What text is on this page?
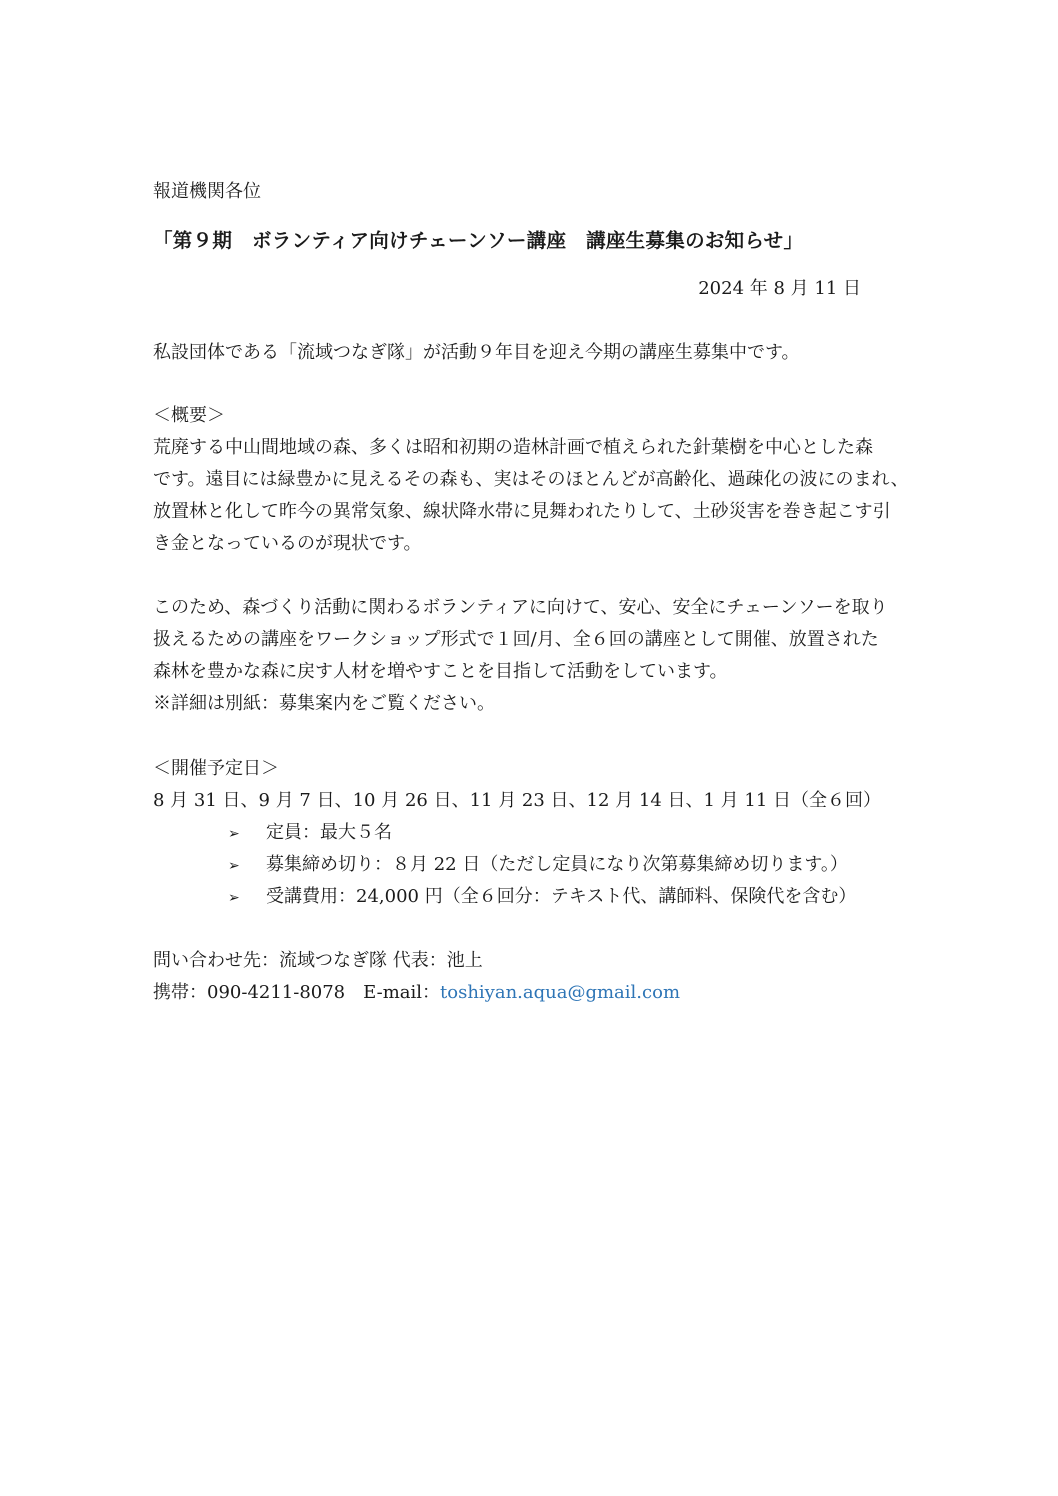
報道機関各位
「第９期　ボランティア向けチェーンソー講座　講座生募集のお知らせ」
2024 年 8 月 11 日
私設団体である「流域つなぎ隊」が活動９年目を迎え今期の講座生募集中です。
＜概要＞
荒廃する中山間地域の森、多くは昭和初期の造林計画で植えられた針葉樹を中心とした森
です。遠目には緑豊かに見えるその森も、実はそのほとんどが高齢化、過疎化の波にのまれ、
放置林と化して昨今の異常気象、線状降水帯に見舞われたりして、土砂災害を巻き起こす引
き金となっているのが現状です。
このため、森づくり活動に関わるボランティアに向けて、安心、安全にチェーンソーを取り
扱えるための講座をワークショップ形式で１回/月、全６回の講座として開催、放置された
森林を豊かな森に戻す人材を増やすことを目指して活動をしています。
※詳細は別紙：募集案内をご覧ください。
＜開催予定日＞
8 月 31 日、9 月 7 日、10 月 26 日、11 月 23 日、12 月 14 日、1 月 11 日（全６回）
➢ 定員：最大５名
➢ 募集締め切り：８月 22 日（ただし定員になり次第募集締め切ります。）
➢ 受講費用：24,000 円（全６回分：テキスト代、講師料、保険代を含む）
問い合わせ先：流域つなぎ隊 代表：池上
携帯：090-4211-8078　E-mail：toshiyan.aqua@gmail.com
